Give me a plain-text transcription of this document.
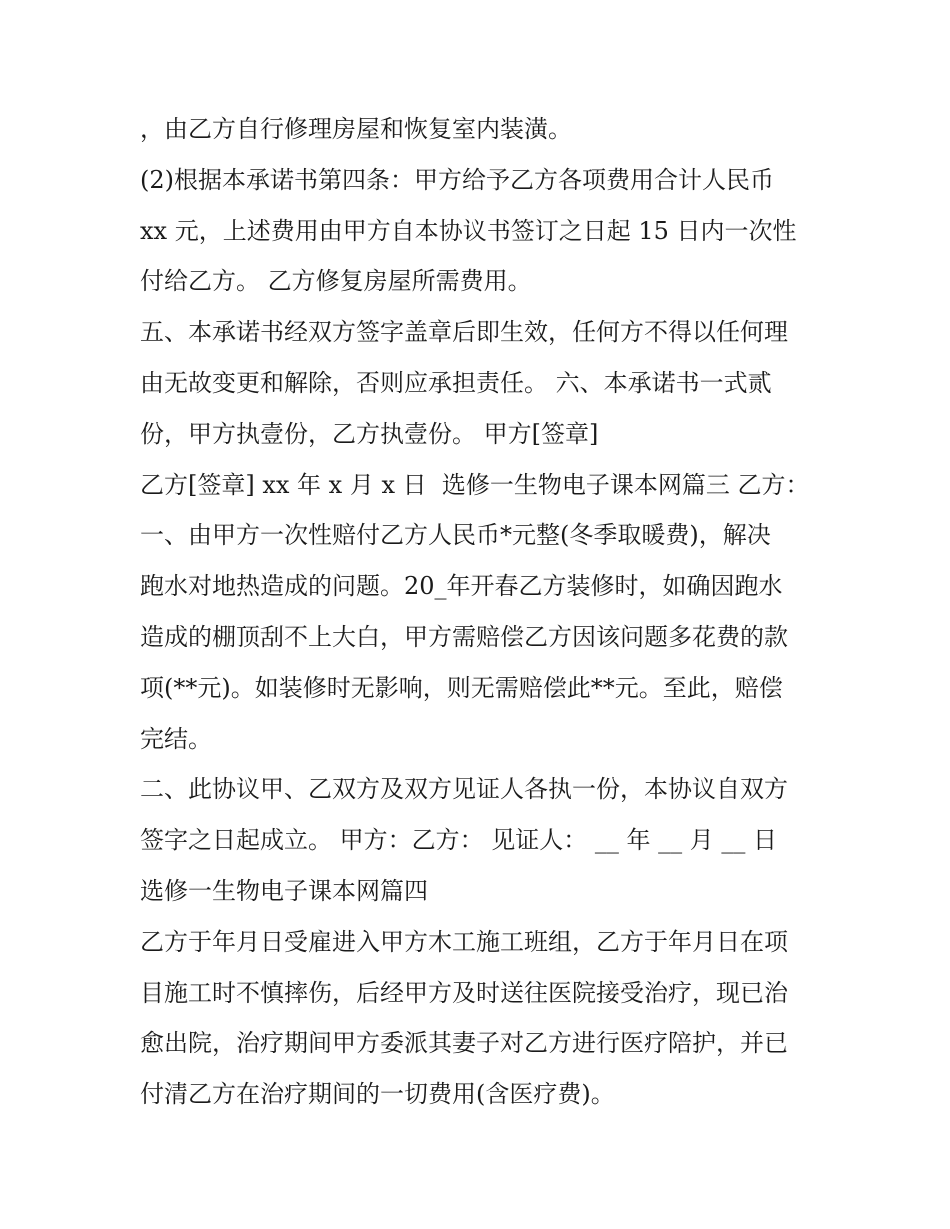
，由乙方自行修理房屋和恢复室内装潢。
(2)根据本承诺书第四条：甲方给予乙方各项费用合计人民币
xx 元，上述费用由甲方自本协议书签订之日起 15 日内一次性
付给乙方。 乙方修复房屋所需费用。
五、本承诺书经双方签字盖章后即生效，任何方不得以任何理
由无故变更和解除，否则应承担责任。 六、本承诺书一式贰
份，甲方执壹份，乙方执壹份。 甲方[签章]
乙方[签章] xx 年 x 月 x 日  选修一生物电子课本网篇三 乙方：
一、由甲方一次性赔付乙方人民币*元整(冬季取暖费)，解决
跑水对地热造成的问题。20_年开春乙方装修时，如确因跑水
造成的棚顶刮不上大白，甲方需赔偿乙方因该问题多花费的款
项(**元)。如装修时无影响，则无需赔偿此**元。至此，赔偿
完结。
二、此协议甲、乙双方及双方见证人各执一份，本协议自双方
签字之日起成立。 甲方：乙方： 见证人： __ 年 __ 月 __ 日
选修一生物电子课本网篇四
乙方于年月日受雇进入甲方木工施工班组，乙方于年月日在项
目施工时不慎摔伤，后经甲方及时送往医院接受治疗，现已治
愈出院，治疗期间甲方委派其妻子对乙方进行医疗陪护，并已
付清乙方在治疗期间的一切费用(含医疗费)。
